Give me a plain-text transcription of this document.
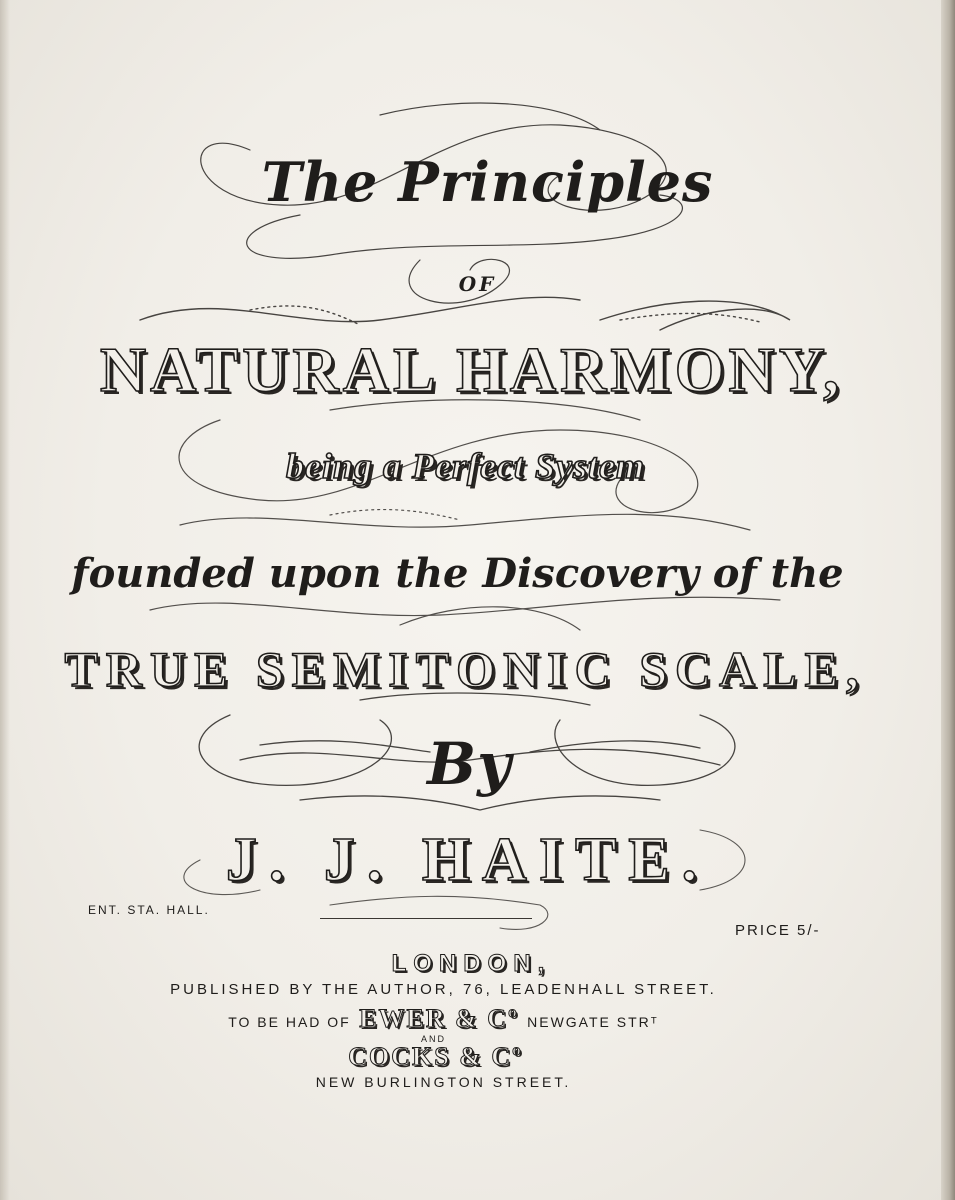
The Principles
OF
NATURAL HARMONY,
being a Perfect System
founded upon the Discovery of the
TRUE SEMITONIC SCALE,
By
J. J. HAITE.
ENT. STA. HALL.
PRICE 5/-
LONDON,
PUBLISHED BY THE AUTHOR, 76, LEADENHALL STREET.
TO BE HAD OF EWER & Cº NEWGATE STRᵀ
AND
COCKS & Cº
NEW BURLINGTON STREET.
